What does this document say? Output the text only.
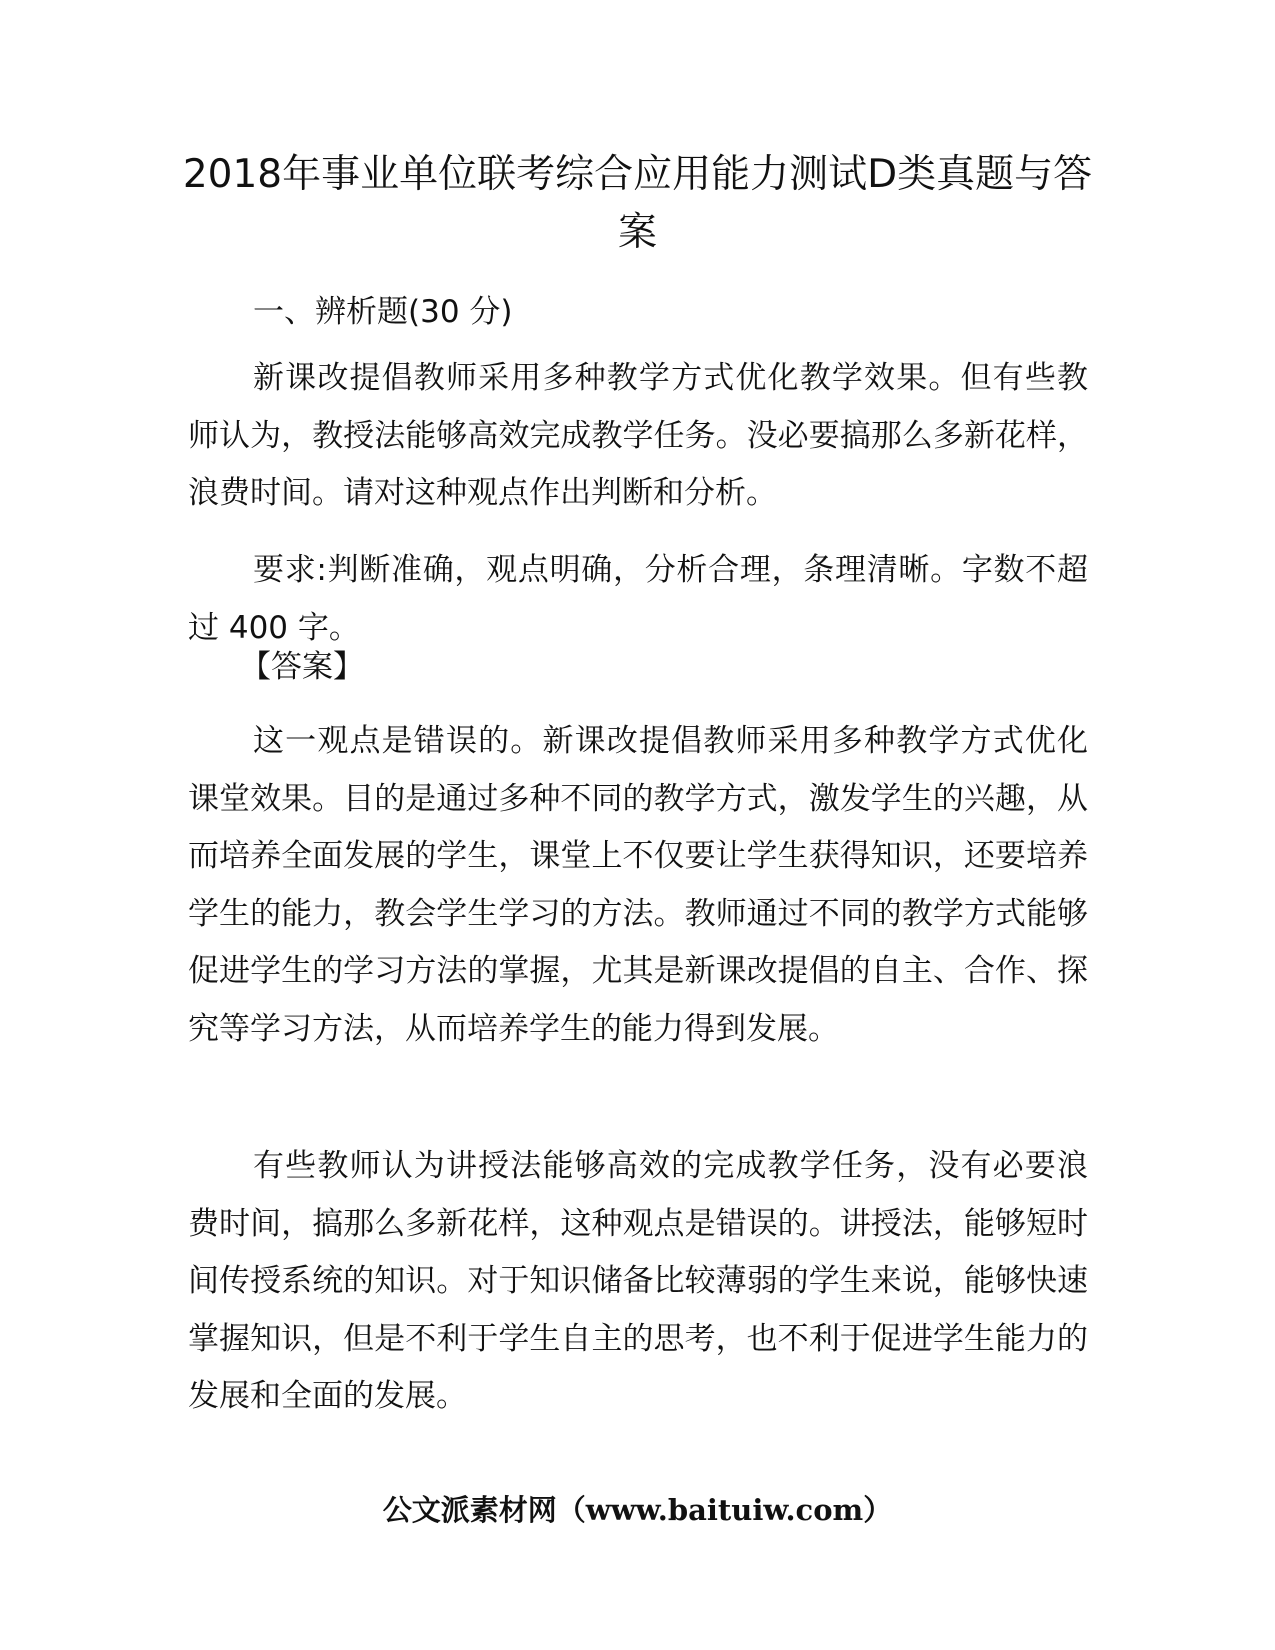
2018年事业单位联考综合应用能力测试D类真题与答案

一、辨析题(30 分)

新课改提倡教师采用多种教学方式优化教学效果。但有些教师认为，教授法能够高效完成教学任务。没必要搞那么多新花样，浪费时间。请对这种观点作出判断和分析。

要求:判断准确，观点明确，分析合理，条理清晰。字数不超过 400 字。

【答案】

这一观点是错误的。新课改提倡教师采用多种教学方式优化课堂效果。目的是通过多种不同的教学方式，激发学生的兴趣，从而培养全面发展的学生，课堂上不仅要让学生获得知识，还要培养学生的能力，教会学生学习的方法。教师通过不同的教学方式能够促进学生的学习方法的掌握，尤其是新课改提倡的自主、合作、探究等学习方法，从而培养学生的能力得到发展。

有些教师认为讲授法能够高效的完成教学任务，没有必要浪费时间，搞那么多新花样，这种观点是错误的。讲授法，能够短时间传授系统的知识。对于知识储备比较薄弱的学生来说，能够快速掌握知识，但是不利于学生自主的思考，也不利于促进学生能力的发展和全面的发展。

公文派素材网（www.baituiw.com）
